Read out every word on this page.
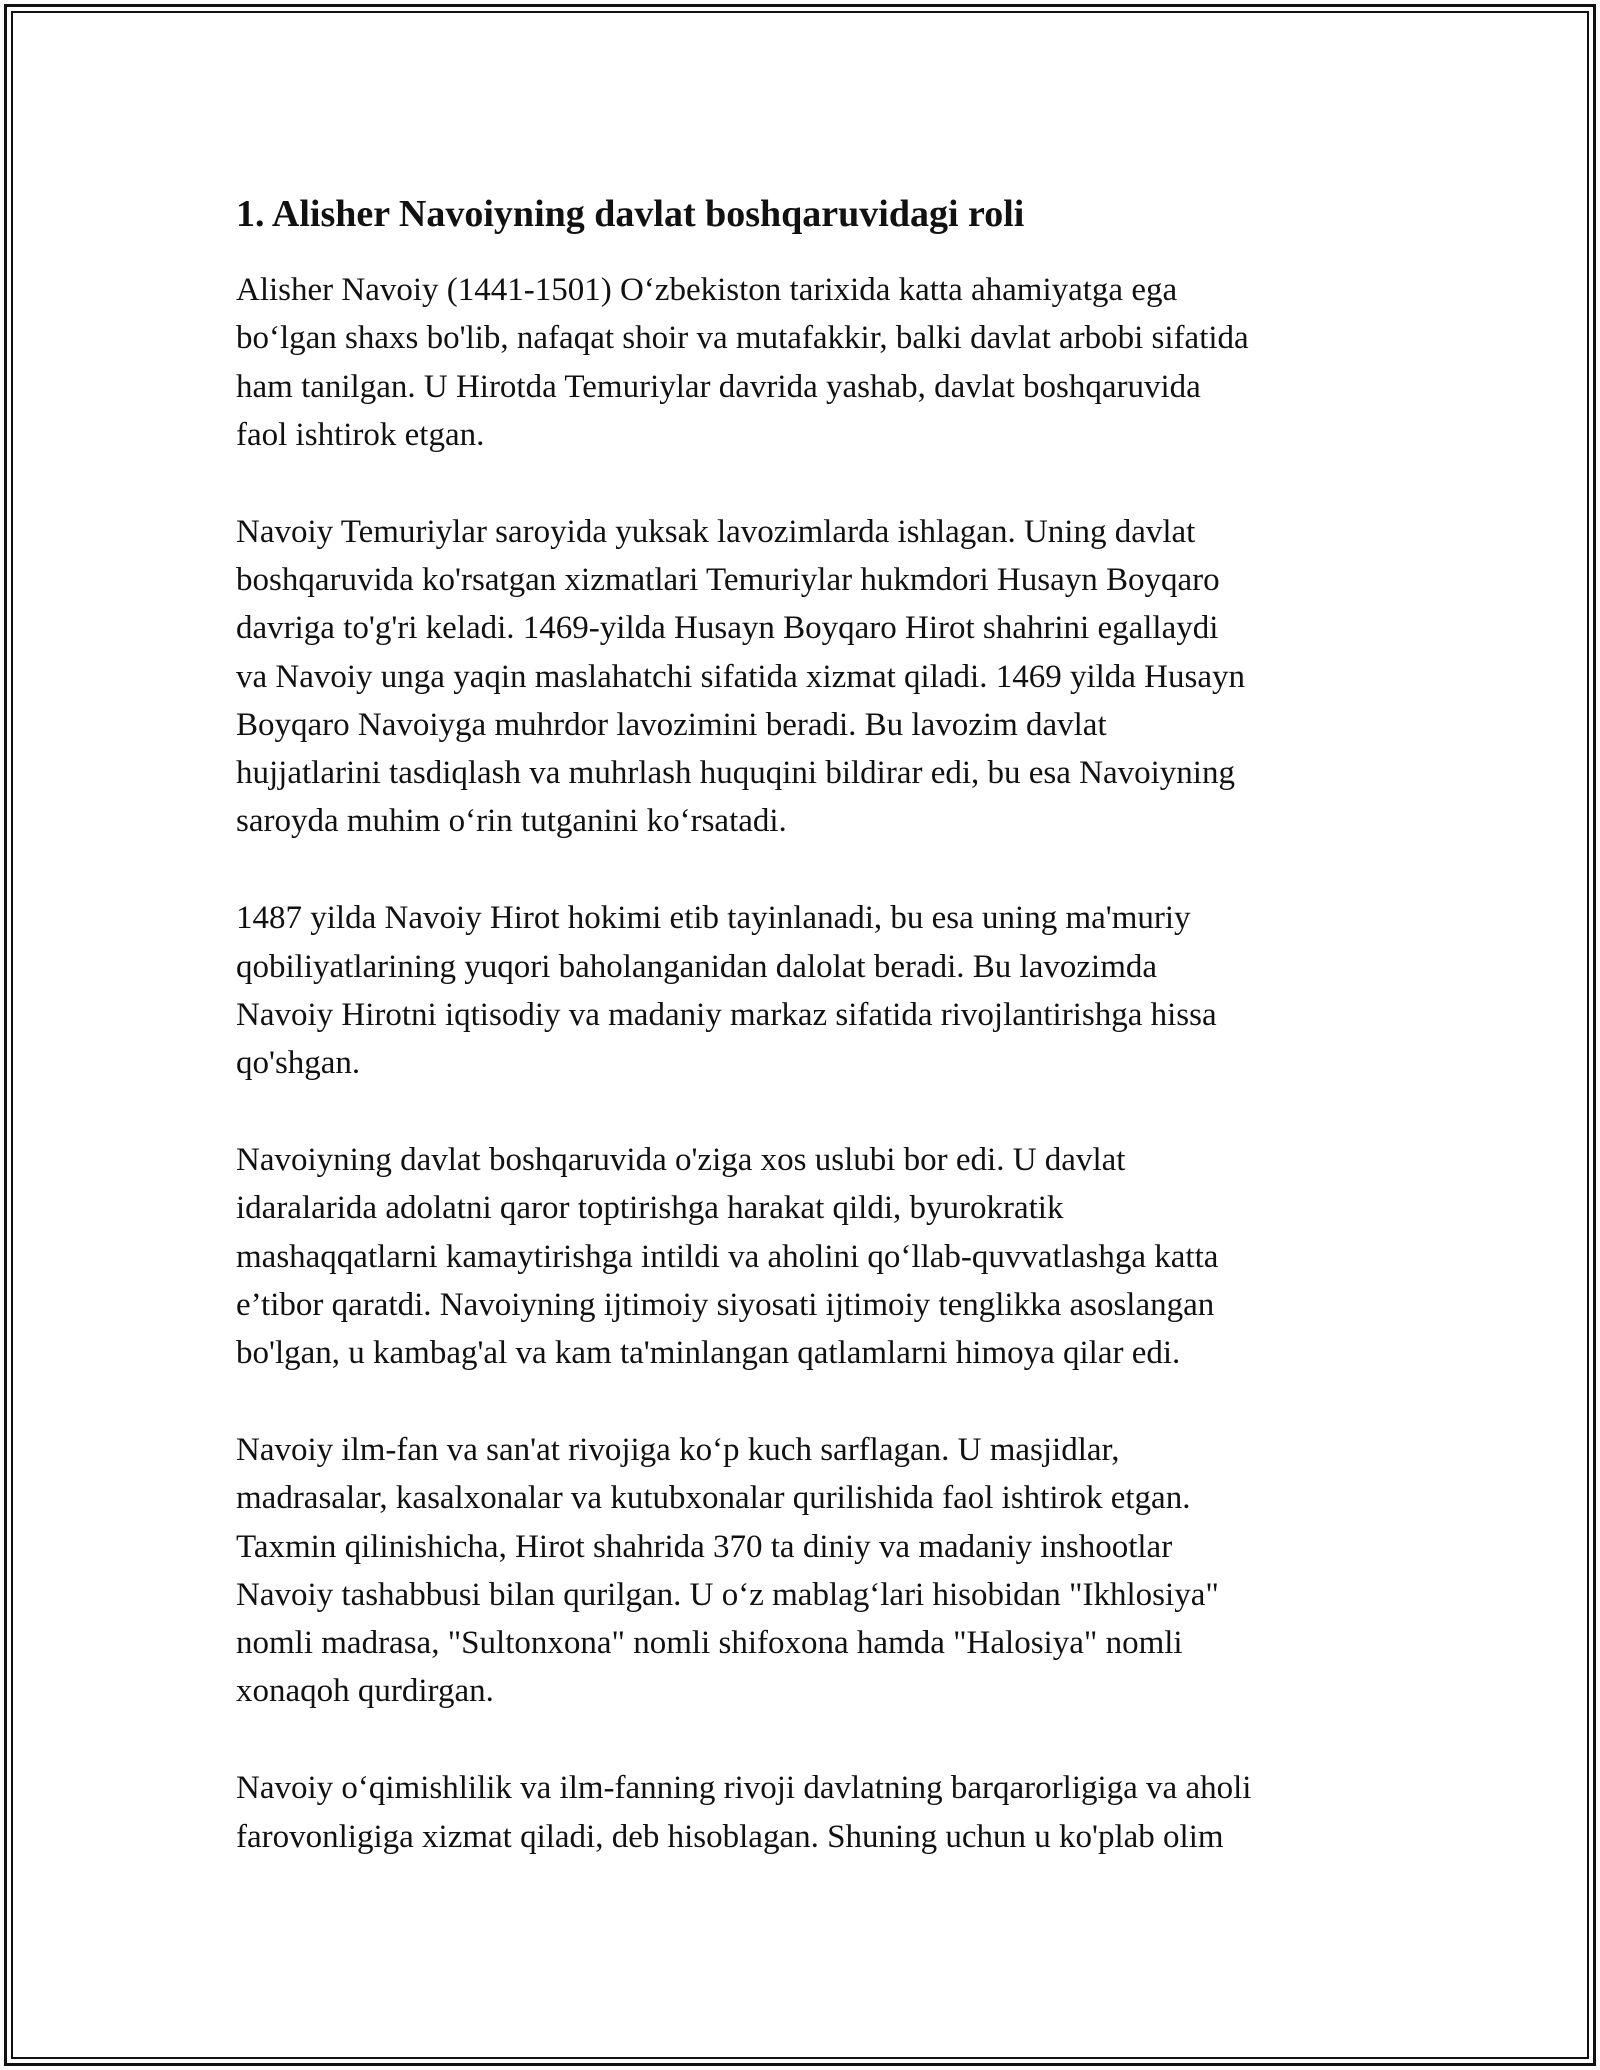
1. Alisher Navoiyning davlat boshqaruvidagi roli
Alisher Navoiy (1441-1501) O‘zbekiston tarixida katta ahamiyatga ega
bo‘lgan shaxs bo'lib, nafaqat shoir va mutafakkir, balki davlat arbobi sifatida
ham tanilgan. U Hirotda Temuriylar davrida yashab, davlat boshqaruvida
faol ishtirok etgan.
Navoiy Temuriylar saroyida yuksak lavozimlarda ishlagan. Uning davlat
boshqaruvida ko'rsatgan xizmatlari Temuriylar hukmdori Husayn Boyqaro
davriga to'g'ri keladi. 1469-yilda Husayn Boyqaro Hirot shahrini egallaydi
va Navoiy unga yaqin maslahatchi sifatida xizmat qiladi. 1469 yilda Husayn
Boyqaro Navoiyga muhrdor lavozimini beradi. Bu lavozim davlat
hujjatlarini tasdiqlash va muhrlash huquqini bildirar edi, bu esa Navoiyning
saroyda muhim o‘rin tutganini ko‘rsatadi.
1487 yilda Navoiy Hirot hokimi etib tayinlanadi, bu esa uning ma'muriy
qobiliyatlarining yuqori baholanganidan dalolat beradi. Bu lavozimda
Navoiy Hirotni iqtisodiy va madaniy markaz sifatida rivojlantirishga hissa
qo'shgan.
Navoiyning davlat boshqaruvida o'ziga xos uslubi bor edi. U davlat
idaralarida adolatni qaror toptirishga harakat qildi, byurokratik
mashaqqatlarni kamaytirishga intildi va aholini qo‘llab-quvvatlashga katta
e’tibor qaratdi. Navoiyning ijtimoiy siyosati ijtimoiy tenglikka asoslangan
bo'lgan, u kambag'al va kam ta'minlangan qatlamlarni himoya qilar edi.
Navoiy ilm-fan va san'at rivojiga ko‘p kuch sarflagan. U masjidlar,
madrasalar, kasalxonalar va kutubxonalar qurilishida faol ishtirok etgan.
Taxmin qilinishicha, Hirot shahrida 370 ta diniy va madaniy inshootlar
Navoiy tashabbusi bilan qurilgan. U o‘z mablag‘lari hisobidan "Ikhlosiya"
nomli madrasa, "Sultonxona" nomli shifoxona hamda "Halosiya" nomli
xonaqoh qurdirgan.
Navoiy o‘qimishlilik va ilm-fanning rivoji davlatning barqarorligiga va aholi
farovonligiga xizmat qiladi, deb hisoblagan. Shuning uchun u ko'plab olim
